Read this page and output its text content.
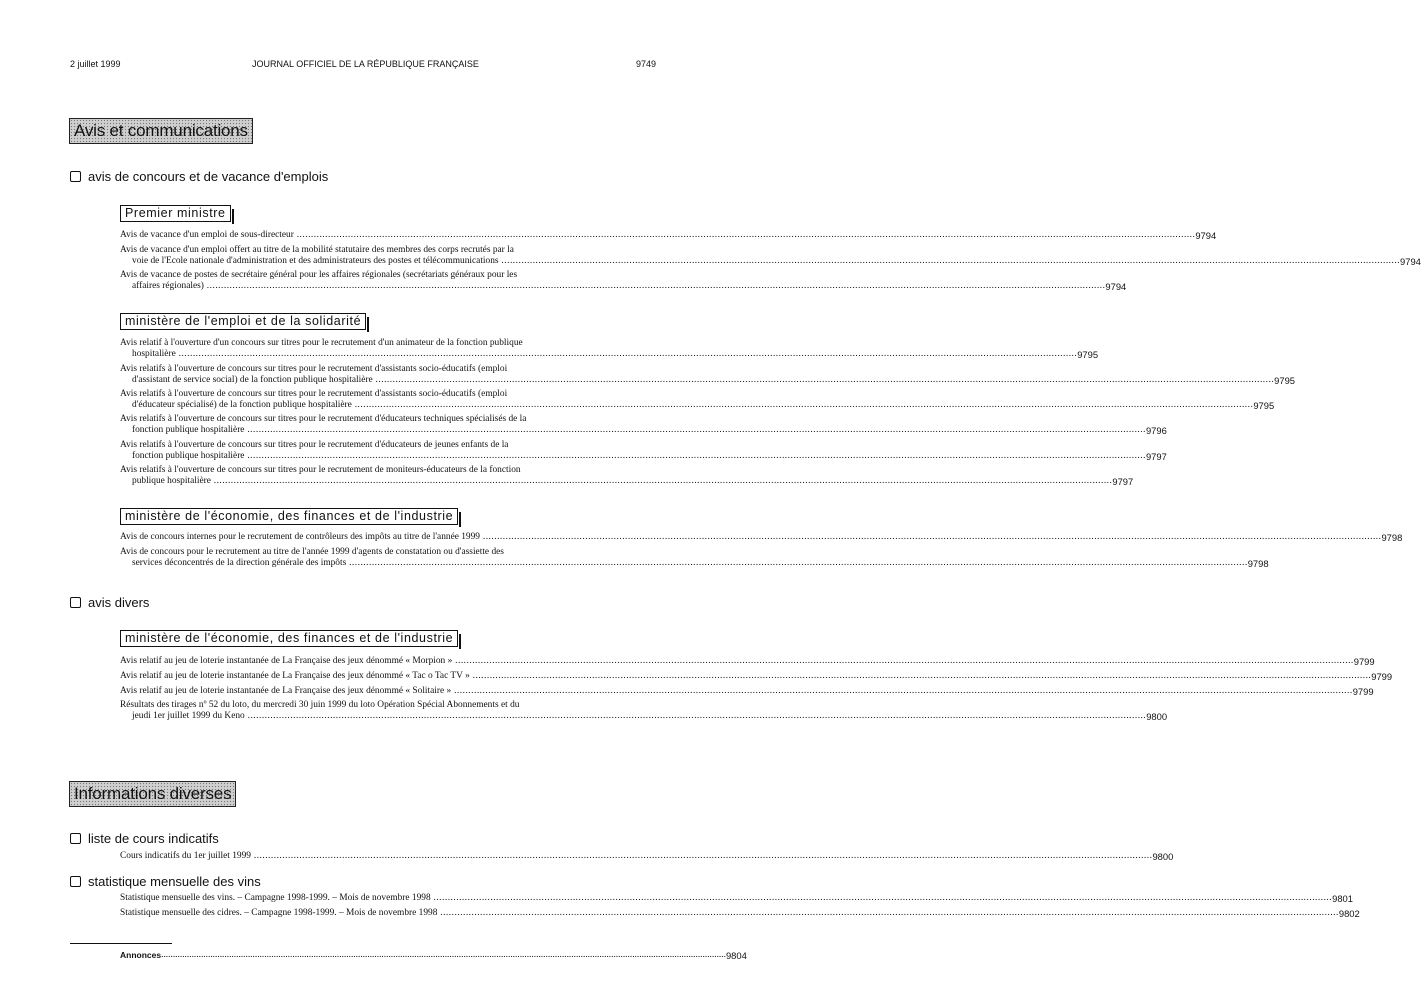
2 juillet 1999	JOURNAL OFFICIEL DE LA RÉPUBLIQUE FRANÇAISE	9749
Avis et communications
avis de concours et de vacance d'emplois
Premier ministre
Avis de vacance d'un emploi de sous-directeur .....	9794
Avis de vacance d'un emploi offert au titre de la mobilité statutaire des membres des corps recrutés par la
voie de l'Ecole nationale d'administration et des administrateurs des postes et télécommunications .....	9794
Avis de vacance de postes de secrétaire général pour les affaires régionales (secrétariats généraux pour les
affaires régionales) .....	9794
ministère de l'emploi et de la solidarité
Avis relatif à l'ouverture d'un concours sur titres pour le recrutement d'un animateur de la fonction publique
hospitalière .....	9795
Avis relatifs à l'ouverture de concours sur titres pour le recrutement d'assistants socio-éducatifs (emploi
d'assistant de service social) de la fonction publique hospitalière .....	9795
Avis relatifs à l'ouverture de concours sur titres pour le recrutement d'assistants socio-éducatifs (emploi
d'éducateur spécialisé) de la fonction publique hospitalière .....	9795
Avis relatifs à l'ouverture de concours sur titres pour le recrutement d'éducateurs techniques spécialisés de la
fonction publique hospitalière .....	9796
Avis relatifs à l'ouverture de concours sur titres pour le recrutement d'éducateurs de jeunes enfants de la
fonction publique hospitalière .....	9797
Avis relatifs à l'ouverture de concours sur titres pour le recrutement de moniteurs-éducateurs de la fonction
publique hospitalière .....	9797
ministère de l'économie, des finances et de l'industrie
Avis de concours internes pour le recrutement de contrôleurs des impôts au titre de l'année 1999 .....	9798
Avis de concours pour le recrutement au titre de l'année 1999 d'agents de constatation ou d'assiette des
services déconcentrés de la direction générale des impôts .....	9798
avis divers
ministère de l'économie, des finances et de l'industrie
Avis relatif au jeu de loterie instantanée de La Française des jeux dénommé « Morpion » .....	9799
Avis relatif au jeu de loterie instantanée de La Française des jeux dénommé « Tac o Tac TV » .....	9799
Avis relatif au jeu de loterie instantanée de La Française des jeux dénommé « Solitaire » .....	9799
Résultats des tirages nº 52 du loto, du mercredi 30 juin 1999 du loto Opération Spécial Abonnements et du
jeudi 1er juillet 1999 du Keno .....	9800
Informations diverses
liste de cours indicatifs
Cours indicatifs du 1er juillet 1999 .....	9800
statistique mensuelle des vins
Statistique mensuelle des vins. – Campagne 1998-1999. – Mois de novembre 1998 .....	9801
Statistique mensuelle des cidres. – Campagne 1998-1999. – Mois de novembre 1998 .....	9802
Annonces ................................................................................................................................................................................................................................................. 9804
